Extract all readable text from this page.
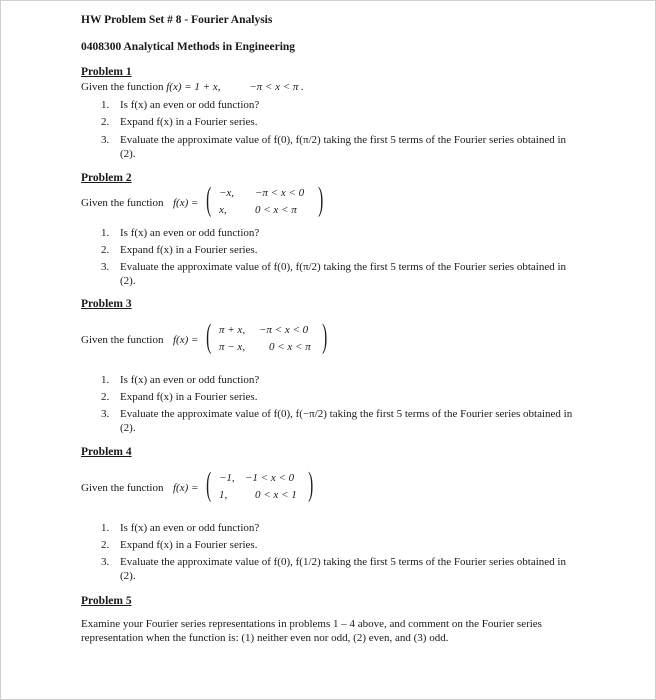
HW Problem Set # 8 - Fourier Analysis
0408300 Analytical Methods in Engineering
Problem 1
Given the function f(x) = 1 + x,	−π < x < π .
1. Is f(x) an even or odd function?
2. Expand f(x) in a Fourier series.
3. Evaluate the approximate value of f(0), f(π/2) taking the first 5 terms of the Fourier series obtained in (2).
Problem 2
Given the function f(x) = ( −x, −π < x < 0
x,	0 < x < π )
1. Is f(x) an even or odd function?
2. Expand f(x) in a Fourier series.
3. Evaluate the approximate value of f(0), f(π/2) taking the first 5 terms of the Fourier series obtained in (2).
Problem 3
Given the function f(x) = ( π + x, −π < x < 0
π − x, 0 < x < π )
1. Is f(x) an even or odd function?
2. Expand f(x) in a Fourier series.
3. Evaluate the approximate value of f(0), f(−π/2) taking the first 5 terms of the Fourier series obtained in (2).
Problem 4
Given the function f(x) = ( −1, −1 < x < 0
1,	0 < x < 1 )
1. Is f(x) an even or odd function?
2. Expand f(x) in a Fourier series.
3. Evaluate the approximate value of f(0), f(1/2) taking the first 5 terms of the Fourier series obtained in (2).
Problem 5
Examine your Fourier series representations in problems 1 – 4 above, and comment on the Fourier series representation when the function is: (1) neither even nor odd, (2) even, and (3) odd.
